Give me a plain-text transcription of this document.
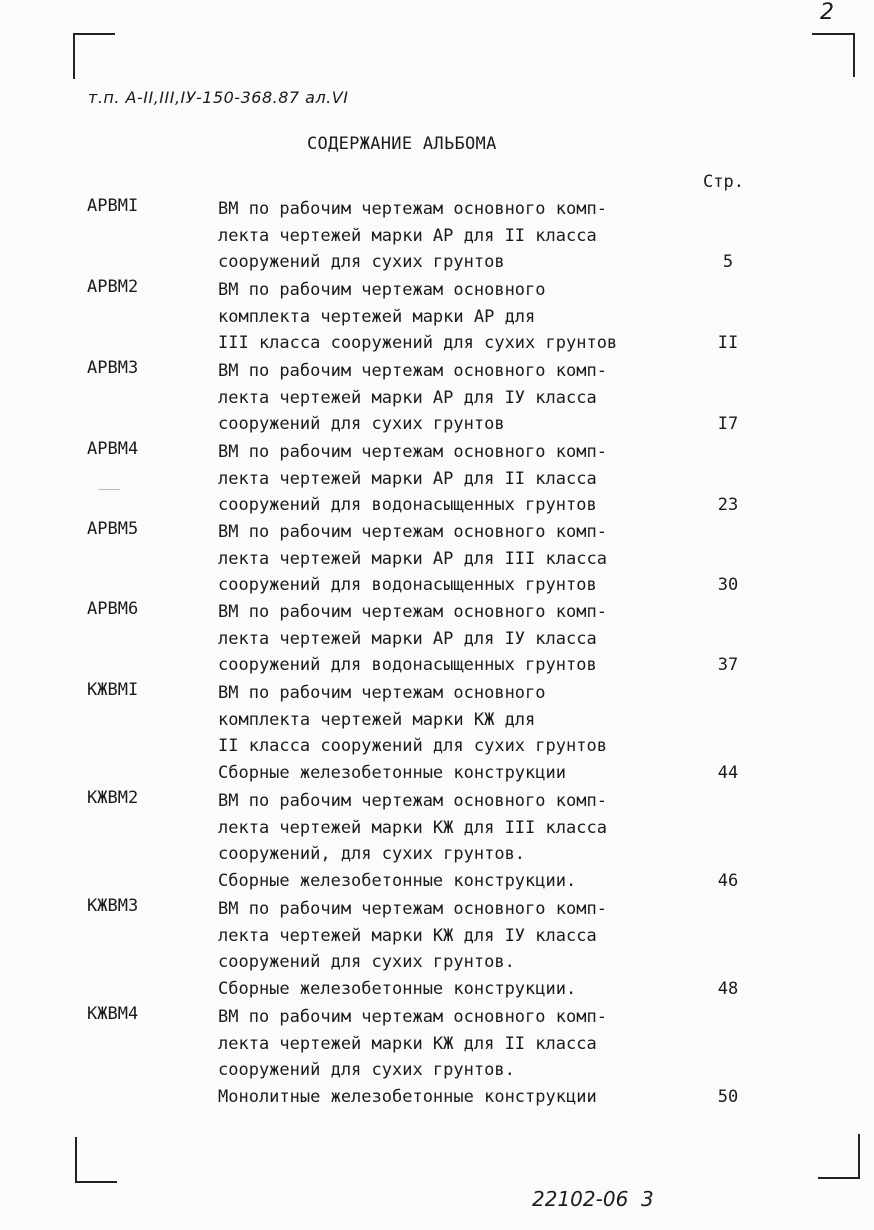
2
т.п. А-II,III,IУ-150-368.87 ал.VI
СОДЕРЖАНИЕ АЛЬБОМА
Стр.
АРВМI	ВМ по рабочим чертежам основного комп-
лекта чертежей марки АР для II класса
сооружений для сухих грунтов	5
АРВМ2	ВМ по рабочим чертежам основного
комплекта чертежей марки АР для
III класса сооружений для сухих грунтов	II
АРВМ3	ВМ по рабочим чертежам основного комп-
лекта чертежей марки АР для IУ класса
сооружений для сухих грунтов	I7
АРВМ4	ВМ по рабочим чертежам основного комп-
лекта чертежей марки АР для II класса
сооружений для водонасыщенных грунтов	23
АРВМ5	ВМ по рабочим чертежам основного комп-
лекта чертежей марки АР для III класса
сооружений для водонасыщенных грунтов	30
АРВМ6	ВМ по рабочим чертежам основного комп-
лекта чертежей марки АР для IУ класса
сооружений для водонасыщенных грунтов	37
КЖВМI	ВМ по рабочим чертежам основного
комплекта чертежей марки КЖ для
II класса сооружений для сухих грунтов
Сборные железобетонные конструкции	44
КЖВМ2	ВМ по рабочим чертежам основного комп-
лекта чертежей марки КЖ для III класса
сооружений, для сухих грунтов.
Сборные железобетонные конструкции.	46
КЖВМ3	ВМ по рабочим чертежам основного комп-
лекта чертежей марки КЖ для IУ класса
сооружений для сухих грунтов.
Сборные железобетонные конструкции.	48
КЖВМ4	ВМ по рабочим чертежам основного комп-
лекта чертежей марки КЖ для II класса
сооружений для сухих грунтов.
Монолитные железобетонные конструкции	50
22102-06 3
